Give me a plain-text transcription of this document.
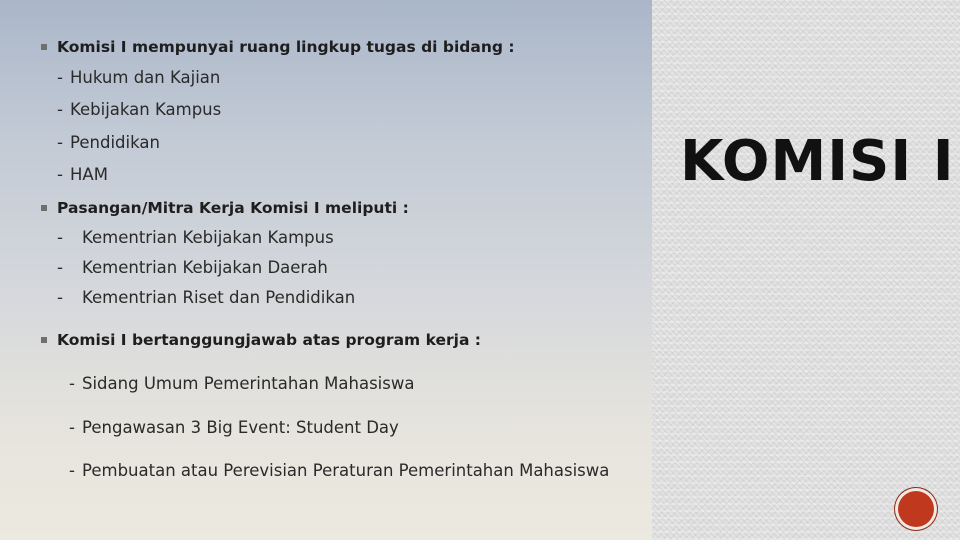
Komisi I mempunyai ruang lingkup tugas di bidang :
- Hukum dan Kajian
- Kebijakan Kampus
- Pendidikan
- HAM
Pasangan/Mitra Kerja Komisi I meliputi :
- Kementrian Kebijakan Kampus
- Kementrian Kebijakan Daerah
- Kementrian Riset dan Pendidikan
Komisi I bertanggungjawab atas program kerja :
- Sidang Umum Pemerintahan Mahasiswa
- Pengawasan 3 Big Event: Student Day
- Pembuatan atau Perevisian Peraturan Pemerintahan Mahasiswa
KOMISI I
